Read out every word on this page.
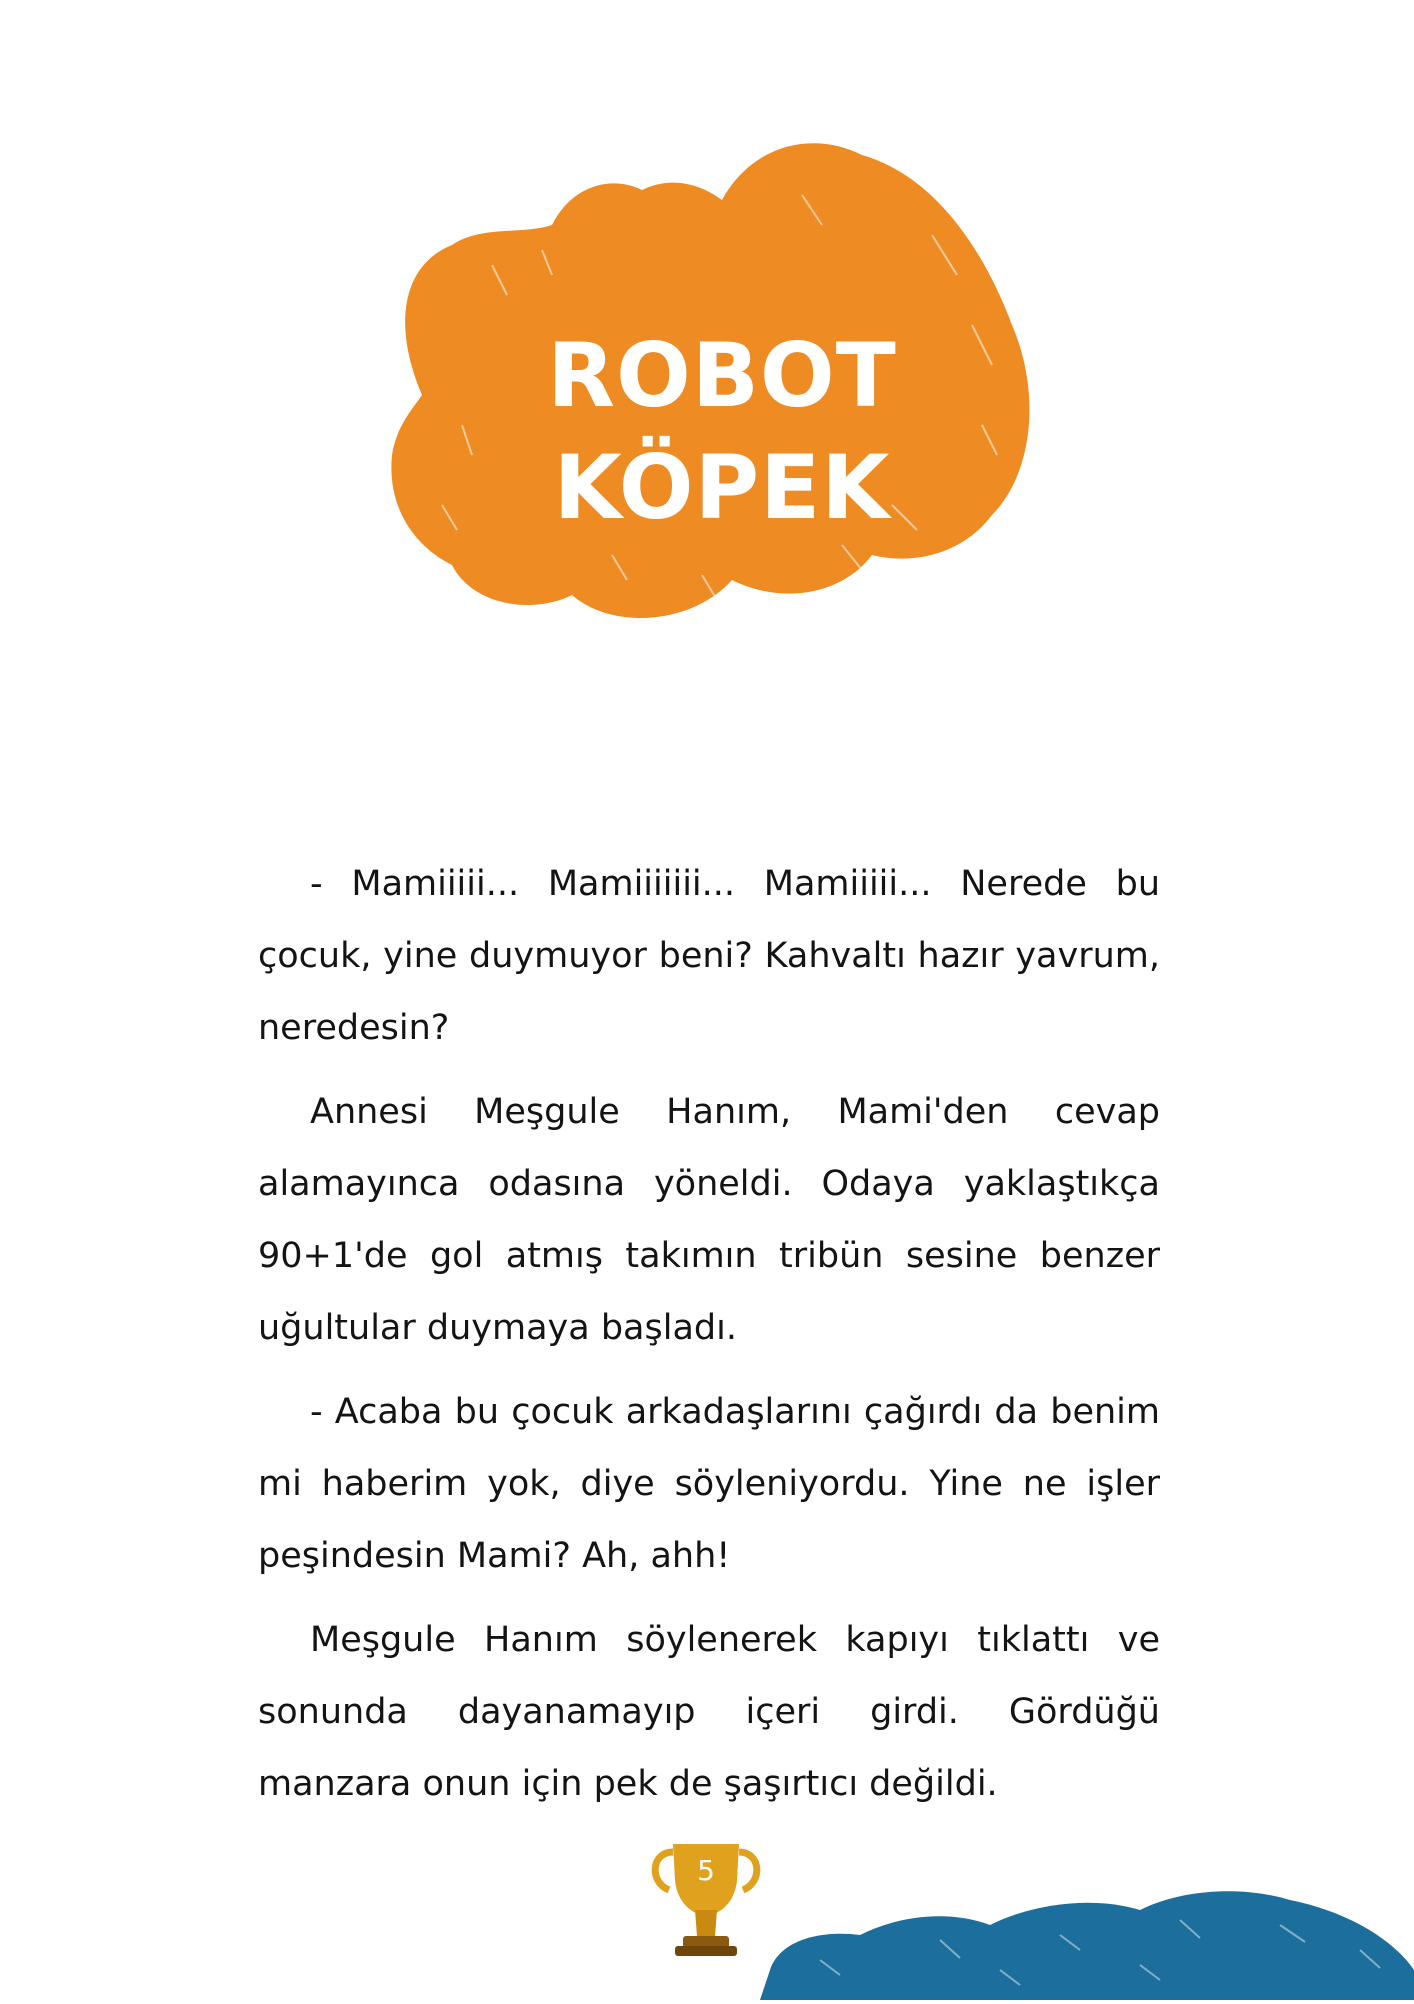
ROBOT
KÖPEK

- Mamiiiii... Mamiiiiiii... Mamiiiii... Nerede bu çocuk, yine duymuyor beni? Kahvaltı hazır yavrum, neredesin?

Annesi Meşgule Hanım, Mami'den cevap alamayınca odasına yöneldi. Odaya yaklaştıkça 90+1'de gol atmış takımın tribün sesine benzer uğultular duymaya başladı.

- Acaba bu çocuk arkadaşlarını çağırdı da benim mi haberim yok, diye söyleniyordu. Yine ne işler peşindesin Mami? Ah, ahh!

Meşgule Hanım söylenerek kapıyı tıklattı ve sonunda dayanamayıp içeri girdi. Gördüğü manzara onun için pek de şaşırtıcı değildi.

5
